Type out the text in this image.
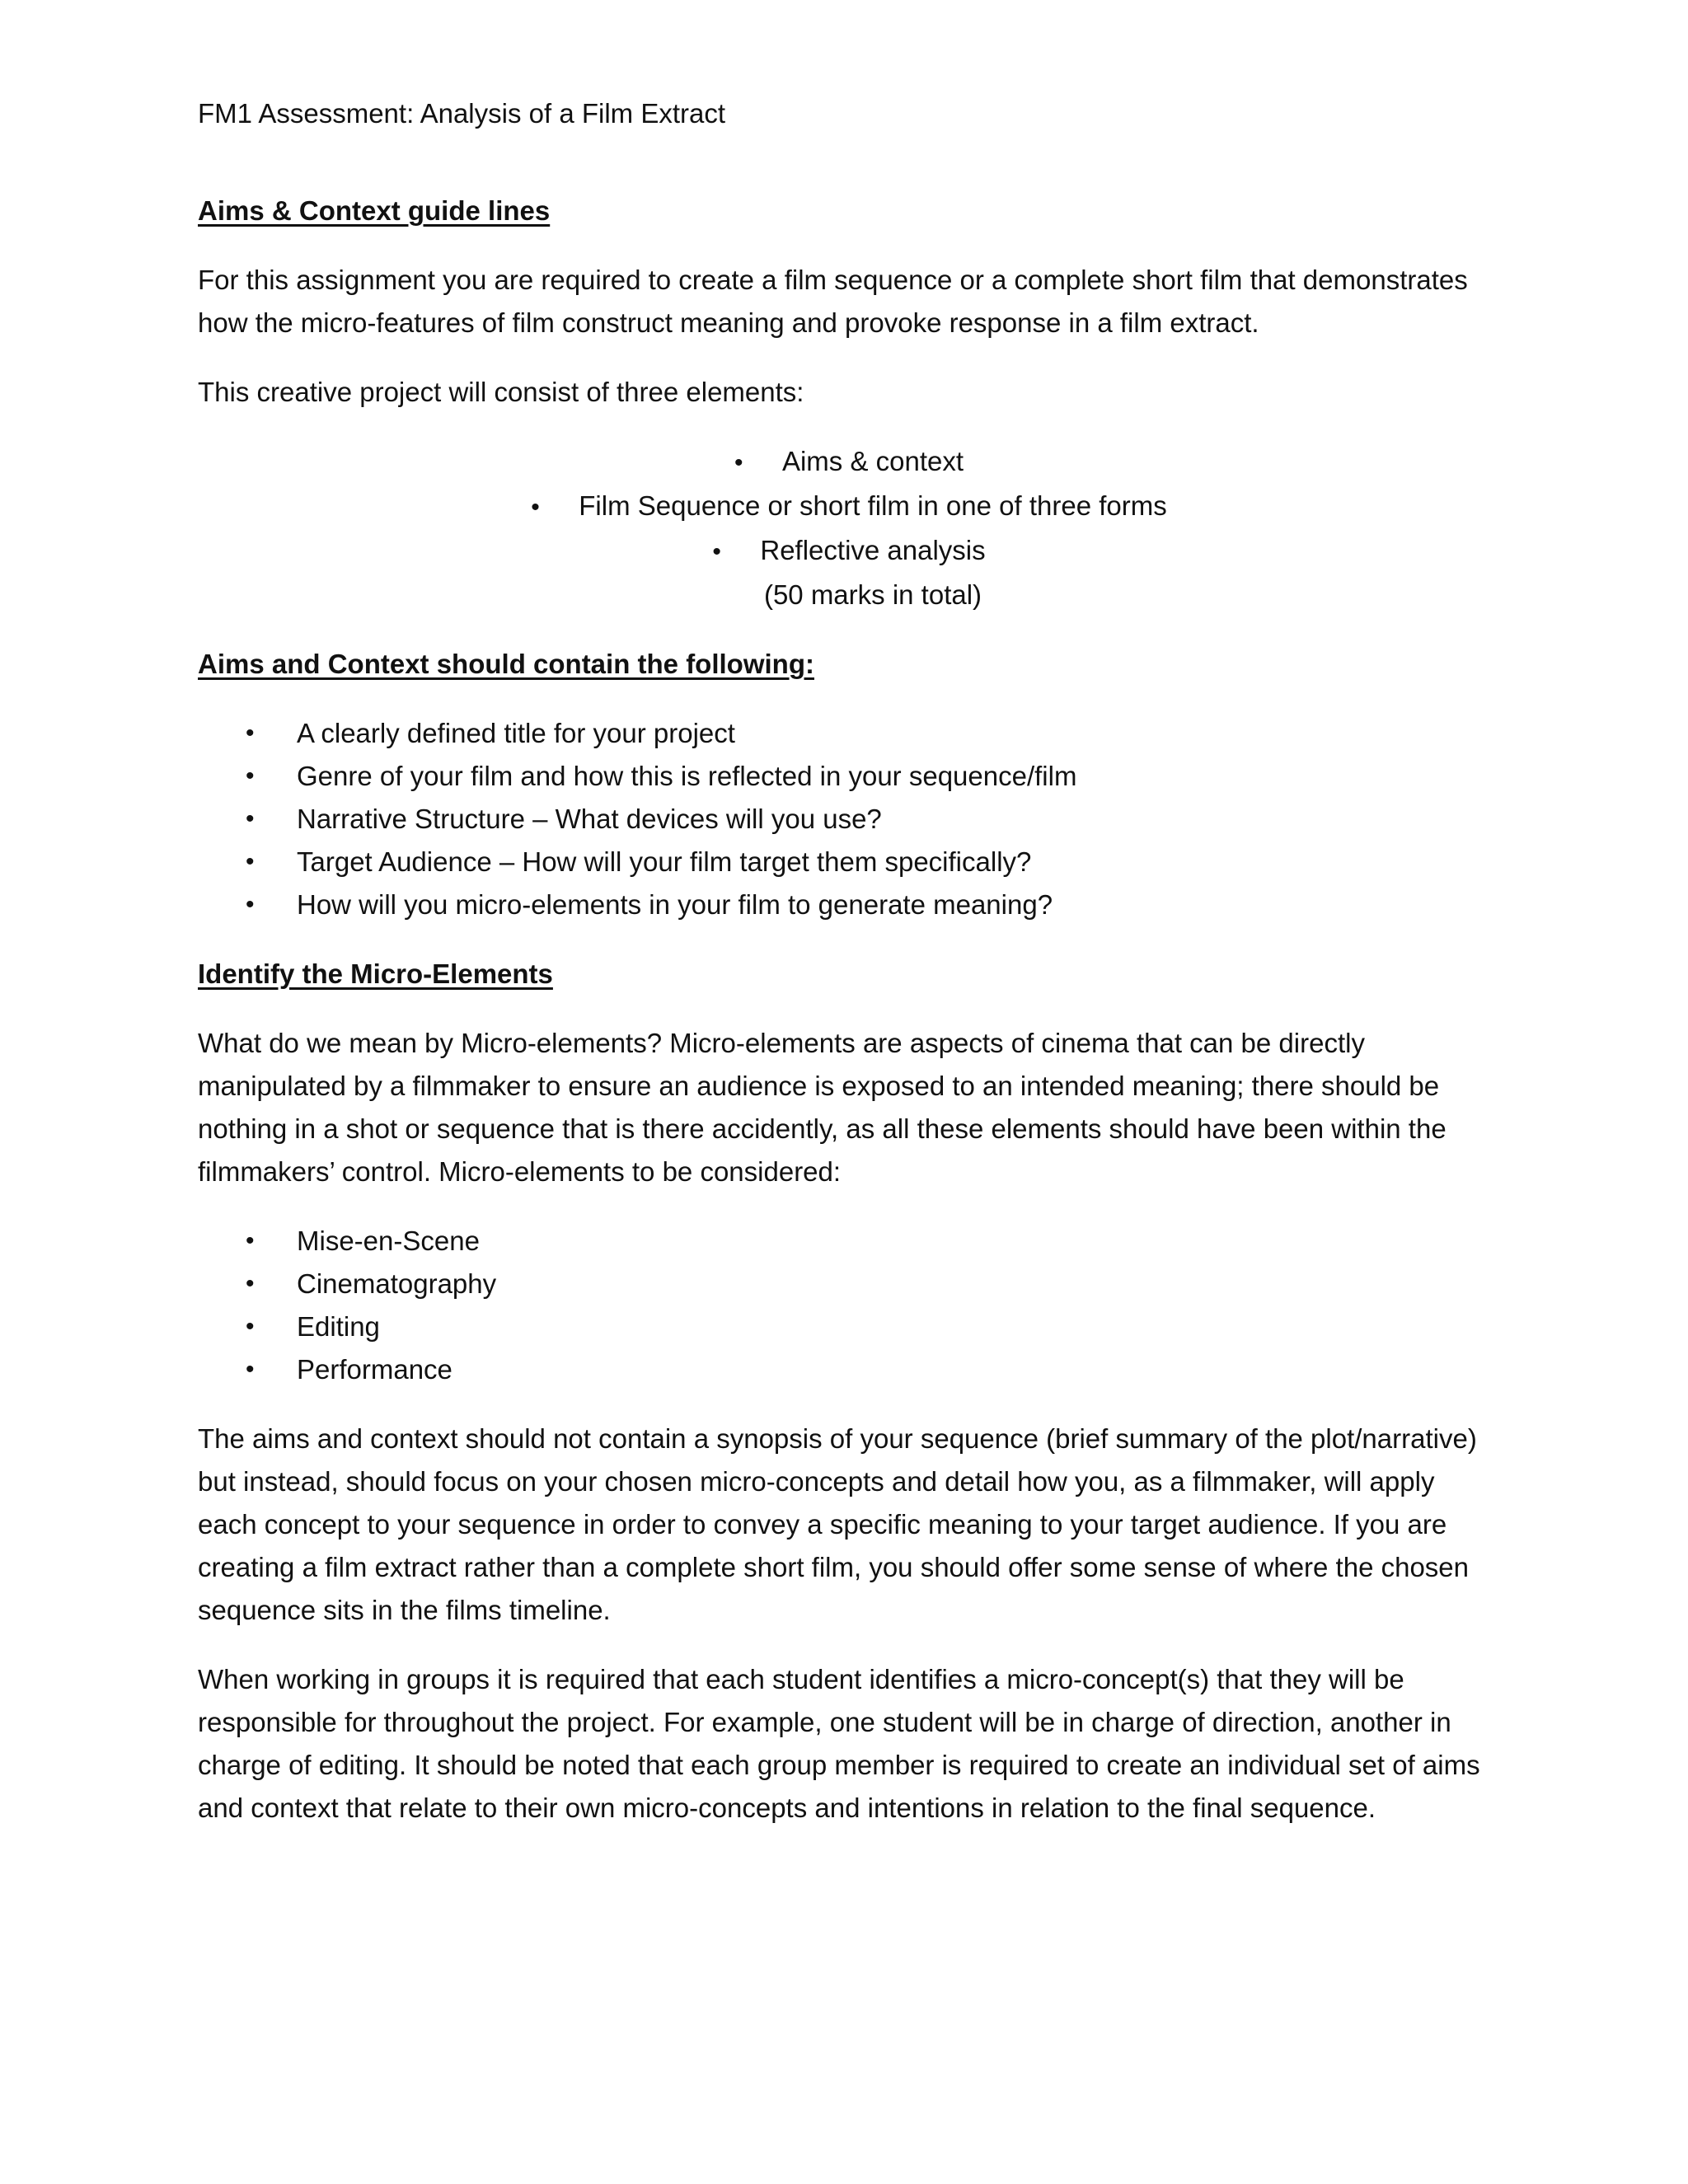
FM1 Assessment: Analysis of a Film Extract

Aims & Context guide lines

For this assignment you are required to create a film sequence or a complete short film that demonstrates how the micro-features of film construct meaning and provoke response in a film extract.

This creative project will consist of three elements:

• Aims & context
• Film Sequence or short film in one of three forms
• Reflective analysis
(50 marks in total)

Aims and Context should contain the following:

• A clearly defined title for your project
• Genre of your film and how this is reflected in your sequence/film
• Narrative Structure – What devices will you use?
• Target Audience – How will your film target them specifically?
• How will you micro-elements in your film to generate meaning?

Identify the Micro-Elements

What do we mean by Micro-elements? Micro-elements are aspects of cinema that can be directly manipulated by a filmmaker to ensure an audience is exposed to an intended meaning; there should be nothing in a shot or sequence that is there accidently, as all these elements should have been within the filmmakers’ control. Micro-elements to be considered:

• Mise-en-Scene
• Cinematography
• Editing
• Performance

The aims and context should not contain a synopsis of your sequence (brief summary of the plot/narrative) but instead, should focus on your chosen micro-concepts and detail how you, as a filmmaker, will apply each concept to your sequence in order to convey a specific meaning to your target audience. If you are creating a film extract rather than a complete short film, you should offer some sense of where the chosen sequence sits in the films timeline.

When working in groups it is required that each student identifies a micro-concept(s) that they will be responsible for throughout the project. For example, one student will be in charge of direction, another in charge of editing. It should be noted that each group member is required to create an individual set of aims and context that relate to their own micro-concepts and intentions in relation to the final sequence.
